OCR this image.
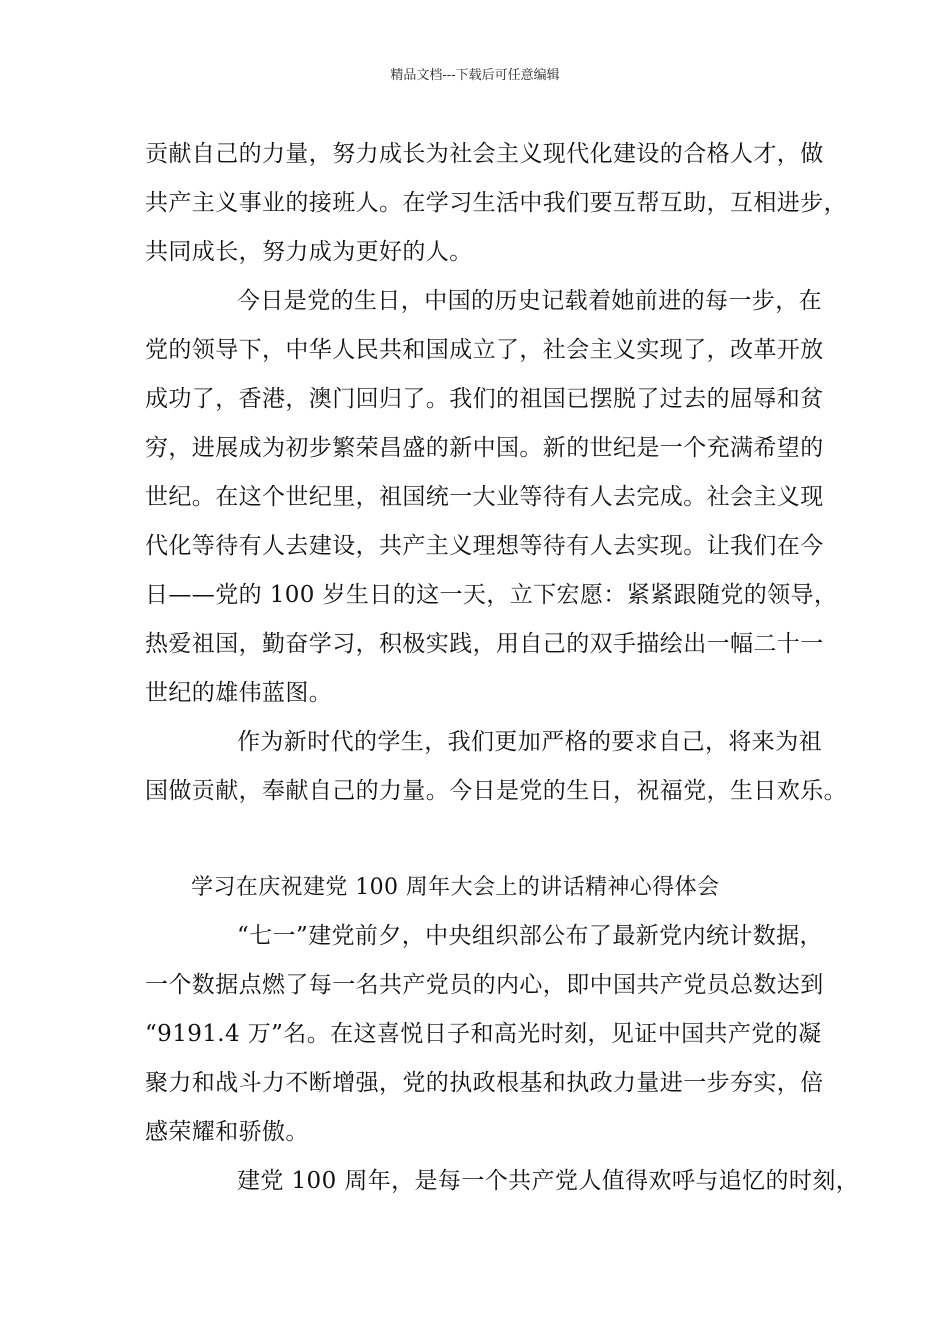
精品文档---下载后可任意编辑
贡献自己的力量，努力成长为社会主义现代化建设的合格人才，做
共产主义事业的接班人。在学习生活中我们要互帮互助，互相进步，
共同成长，努力成为更好的人。
今日是党的生日，中国的历史记载着她前进的每一步，在
党的领导下，中华人民共和国成立了，社会主义实现了，改革开放
成功了，香港，澳门回归了。我们的祖国已摆脱了过去的屈辱和贫
穷，进展成为初步繁荣昌盛的新中国。新的世纪是一个充满希望的
世纪。在这个世纪里，祖国统一大业等待有人去完成。社会主义现
代化等待有人去建设，共产主义理想等待有人去实现。让我们在今
日——党的 100 岁生日的这一天，立下宏愿：紧紧跟随党的领导，
热爱祖国，勤奋学习，积极实践，用自己的双手描绘出一幅二十一
世纪的雄伟蓝图。
作为新时代的学生，我们更加严格的要求自己，将来为祖
国做贡献，奉献自己的力量。今日是党的生日，祝福党，生日欢乐。
学习在庆祝建党 100 周年大会上的讲话精神心得体会
“七一”建党前夕，中央组织部公布了最新党内统计数据，
一个数据点燃了每一名共产党员的内心，即中国共产党员总数达到
“9191.4 万”名。在这喜悦日子和高光时刻，见证中国共产党的凝
聚力和战斗力不断增强，党的执政根基和执政力量进一步夯实，倍
感荣耀和骄傲。
建党 100 周年，是每一个共产党人值得欢呼与追忆的时刻，
